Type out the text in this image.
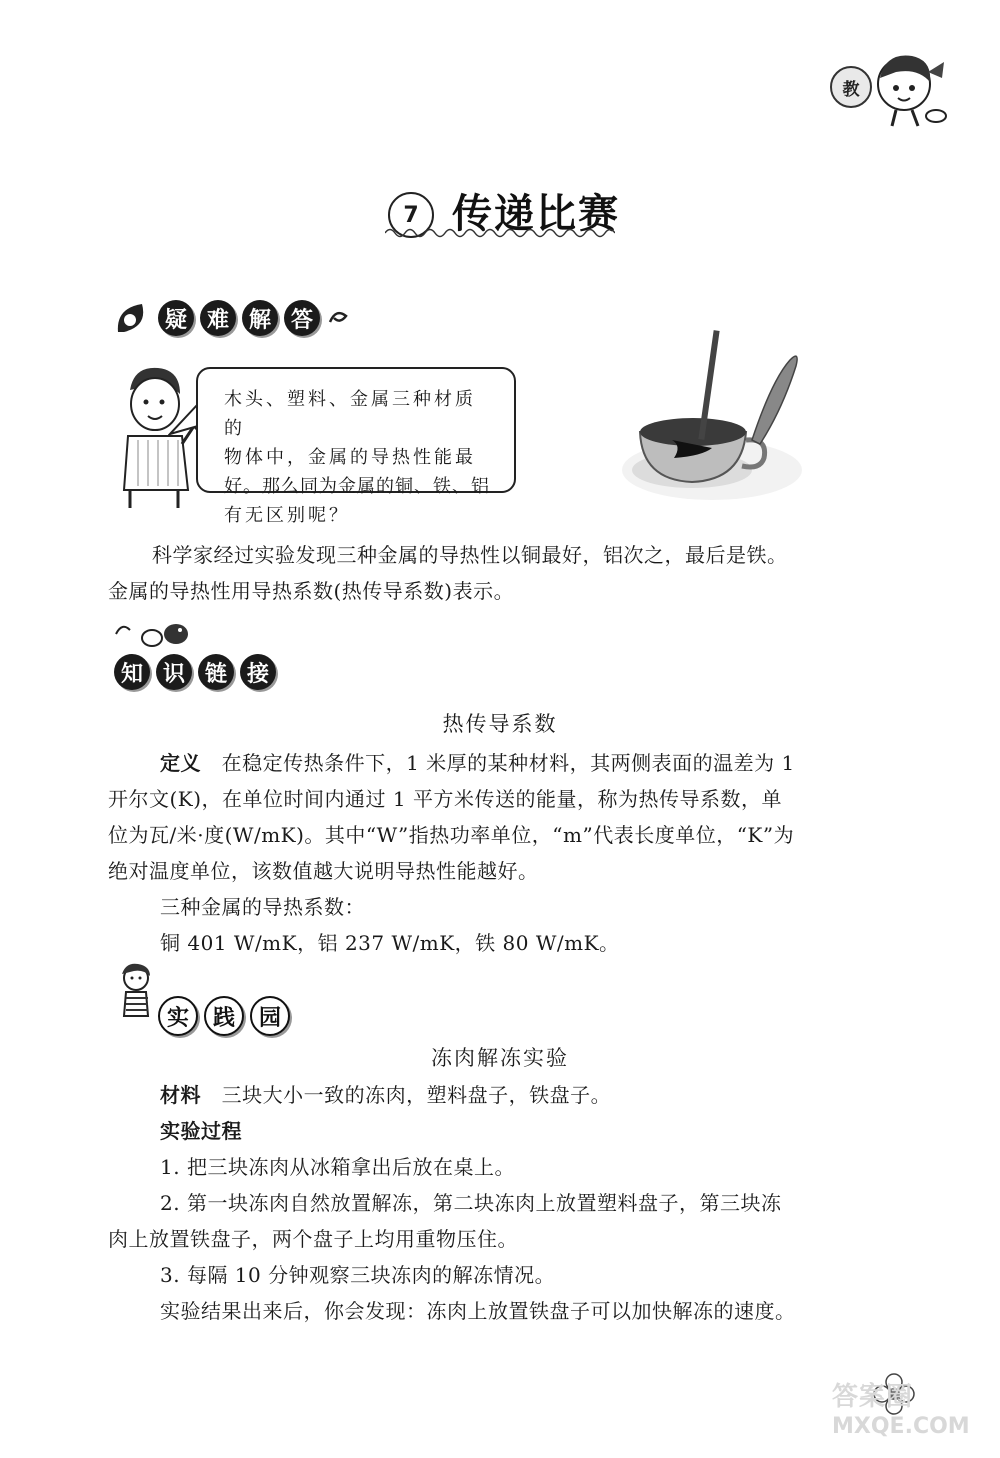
教
7 传递比赛
疑 难 解 答
木头、塑料、金属三种材质的
物体中，金属的导热性能最
好。那么同为金属的铜、铁、铝
有无区别呢？
科学家经过实验发现三种金属的导热性以铜最好，铝次之，最后是铁。
金属的导热性用导热系数(热传导系数)表示。
知 识 链 接
热传导系数
定义 在稳定传热条件下，1 米厚的某种材料，其两侧表面的温差为 1
开尔文(K)，在单位时间内通过 1 平方米传送的能量，称为热传导系数，单
位为瓦/米·度(W/mK)。其中“W”指热功率单位，“m”代表长度单位，“K”为
绝对温度单位，该数值越大说明导热性能越好。
三种金属的导热系数：
铜 401 W/mK，铝 237 W/mK，铁 80 W/mK。
实	践	园
冻肉解冻实验
材料 三块大小一致的冻肉，塑料盘子，铁盘子。
实验过程
1. 把三块冻肉从冰箱拿出后放在桌上。
2. 第一块冻肉自然放置解冻，第二块冻肉上放置塑料盘子，第三块冻
肉上放置铁盘子，两个盘子上均用重物压住。
3. 每隔 10 分钟观察三块冻肉的解冻情况。
实验结果出来后，你会发现：冻肉上放置铁盘子可以加快解冻的速度。
答案圈
MXQE.COM
